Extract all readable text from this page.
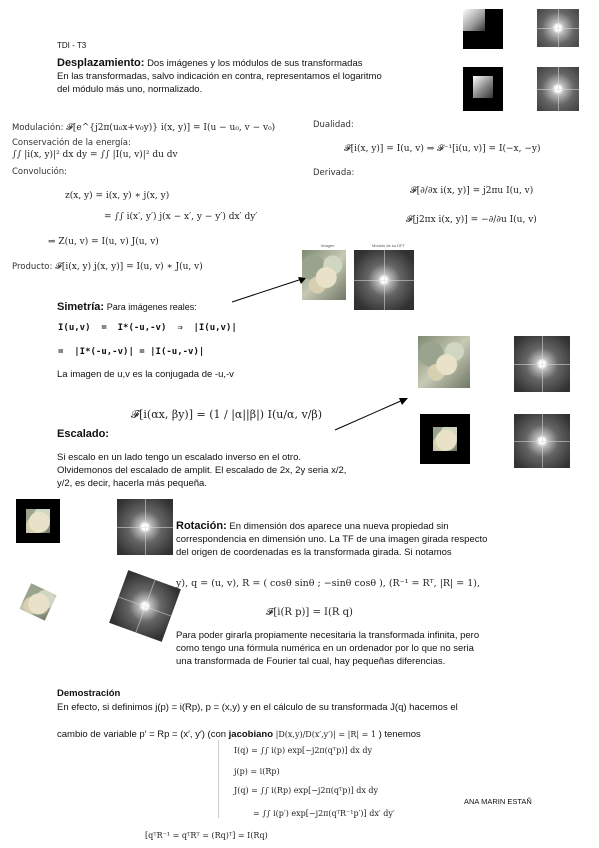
TDI - T3
Desplazamiento: Dos imágenes y los módulos de sus transformadas
En las transformadas, salvo indicación en contra, representamos el logaritmo
del módulo más uno, normalizado.
Modulación: 𝓕[e^{j2π(u₀x+v₀y)} i(x, y)] = I(u − u₀, v − v₀)
Conservación de la energía:
∫∫ |i(x, y)|² dx dy = ∫∫ |I(u, v)|² du dv
Convolución:
z(x, y) = i(x, y) ∗ j(x, y)
= ∫∫ i(x′, y′) j(x − x′, y − y′) dx′ dy′
⇒ Z(u, v) = I(u, v) J(u, v)
Producto: 𝓕[i(x, y) j(x, y)] = I(u, v) ∗ J(u, v)
Dualidad:
𝓕[i(x, y)] = I(u, v) ⇒ 𝓕⁻¹[i(u, v)] = I(−x, −y)
Derivada:
𝓕[∂/∂x i(x, y)] = j2πu I(u, v)
𝓕[j2πx i(x, y)] = −∂/∂u I(u, v)
Imagen	Modulo de su DFT
Simetría: Para imágenes reales:
I(u,v)  =  I*(-u,-v)  ⇒  |I(u,v)|
=  |I*(-u,-v)| = |I(-u,-v)|
La imagen de u,v es la conjugada de -u,-v
𝓕[i(αx, βy)] = (1 / |α||β|) I(u/α, v/β)
Escalado:
Si escalo en un lado tengo un escalado inverso en el otro.
Olvidemonos del escalado de amplit. El escalado de 2x, 2y seria x/2,
y/2, es decir, hacerla más pequeña.
Rotación: En dimensión dos aparece una nueva propiedad sin
correspondencia en dimensión uno. La TF de una imagen girada respecto
del origen de coordenadas es la transformada girada. Si notamos
y), q = (u, v), R = ( cosθ sinθ ; −sinθ cosθ ), (R⁻¹ = Rᵀ, |R| = 1),
𝓕[i(R p)] = I(R q)
Para poder girarla propiamente necesitaria la transformada infinita, pero
como tengo una fórmula numérica en un ordenador por lo que no seria
una transformada de Fourier tal cual, hay pequeñas diferencias.
Demostración
En efecto, si definimos j(p) = i(Rp), p = (x,y) y en el cálculo de su transformada J(q) hacemos el
cambio de variable p′ = Rp = (x′, y′) (con jacobiano |D(x,y)/D(x′,y′)| = |R| = 1 ) tenemos
I(q) = ∫∫ i(p) exp[−j2π(qᵀp)] dx dy
j(p) = i(Rp)
J(q) = ∫∫ i(Rp) exp[−j2π(qᵀp)] dx dy
= ∫∫ i(p′) exp[−j2π(qᵀR⁻¹p′)] dx′ dy′
[qᵀR⁻¹ = qᵀRᵀ = (Rq)ᵀ] = I(Rq)
ANA MARIN ESTAÑ
